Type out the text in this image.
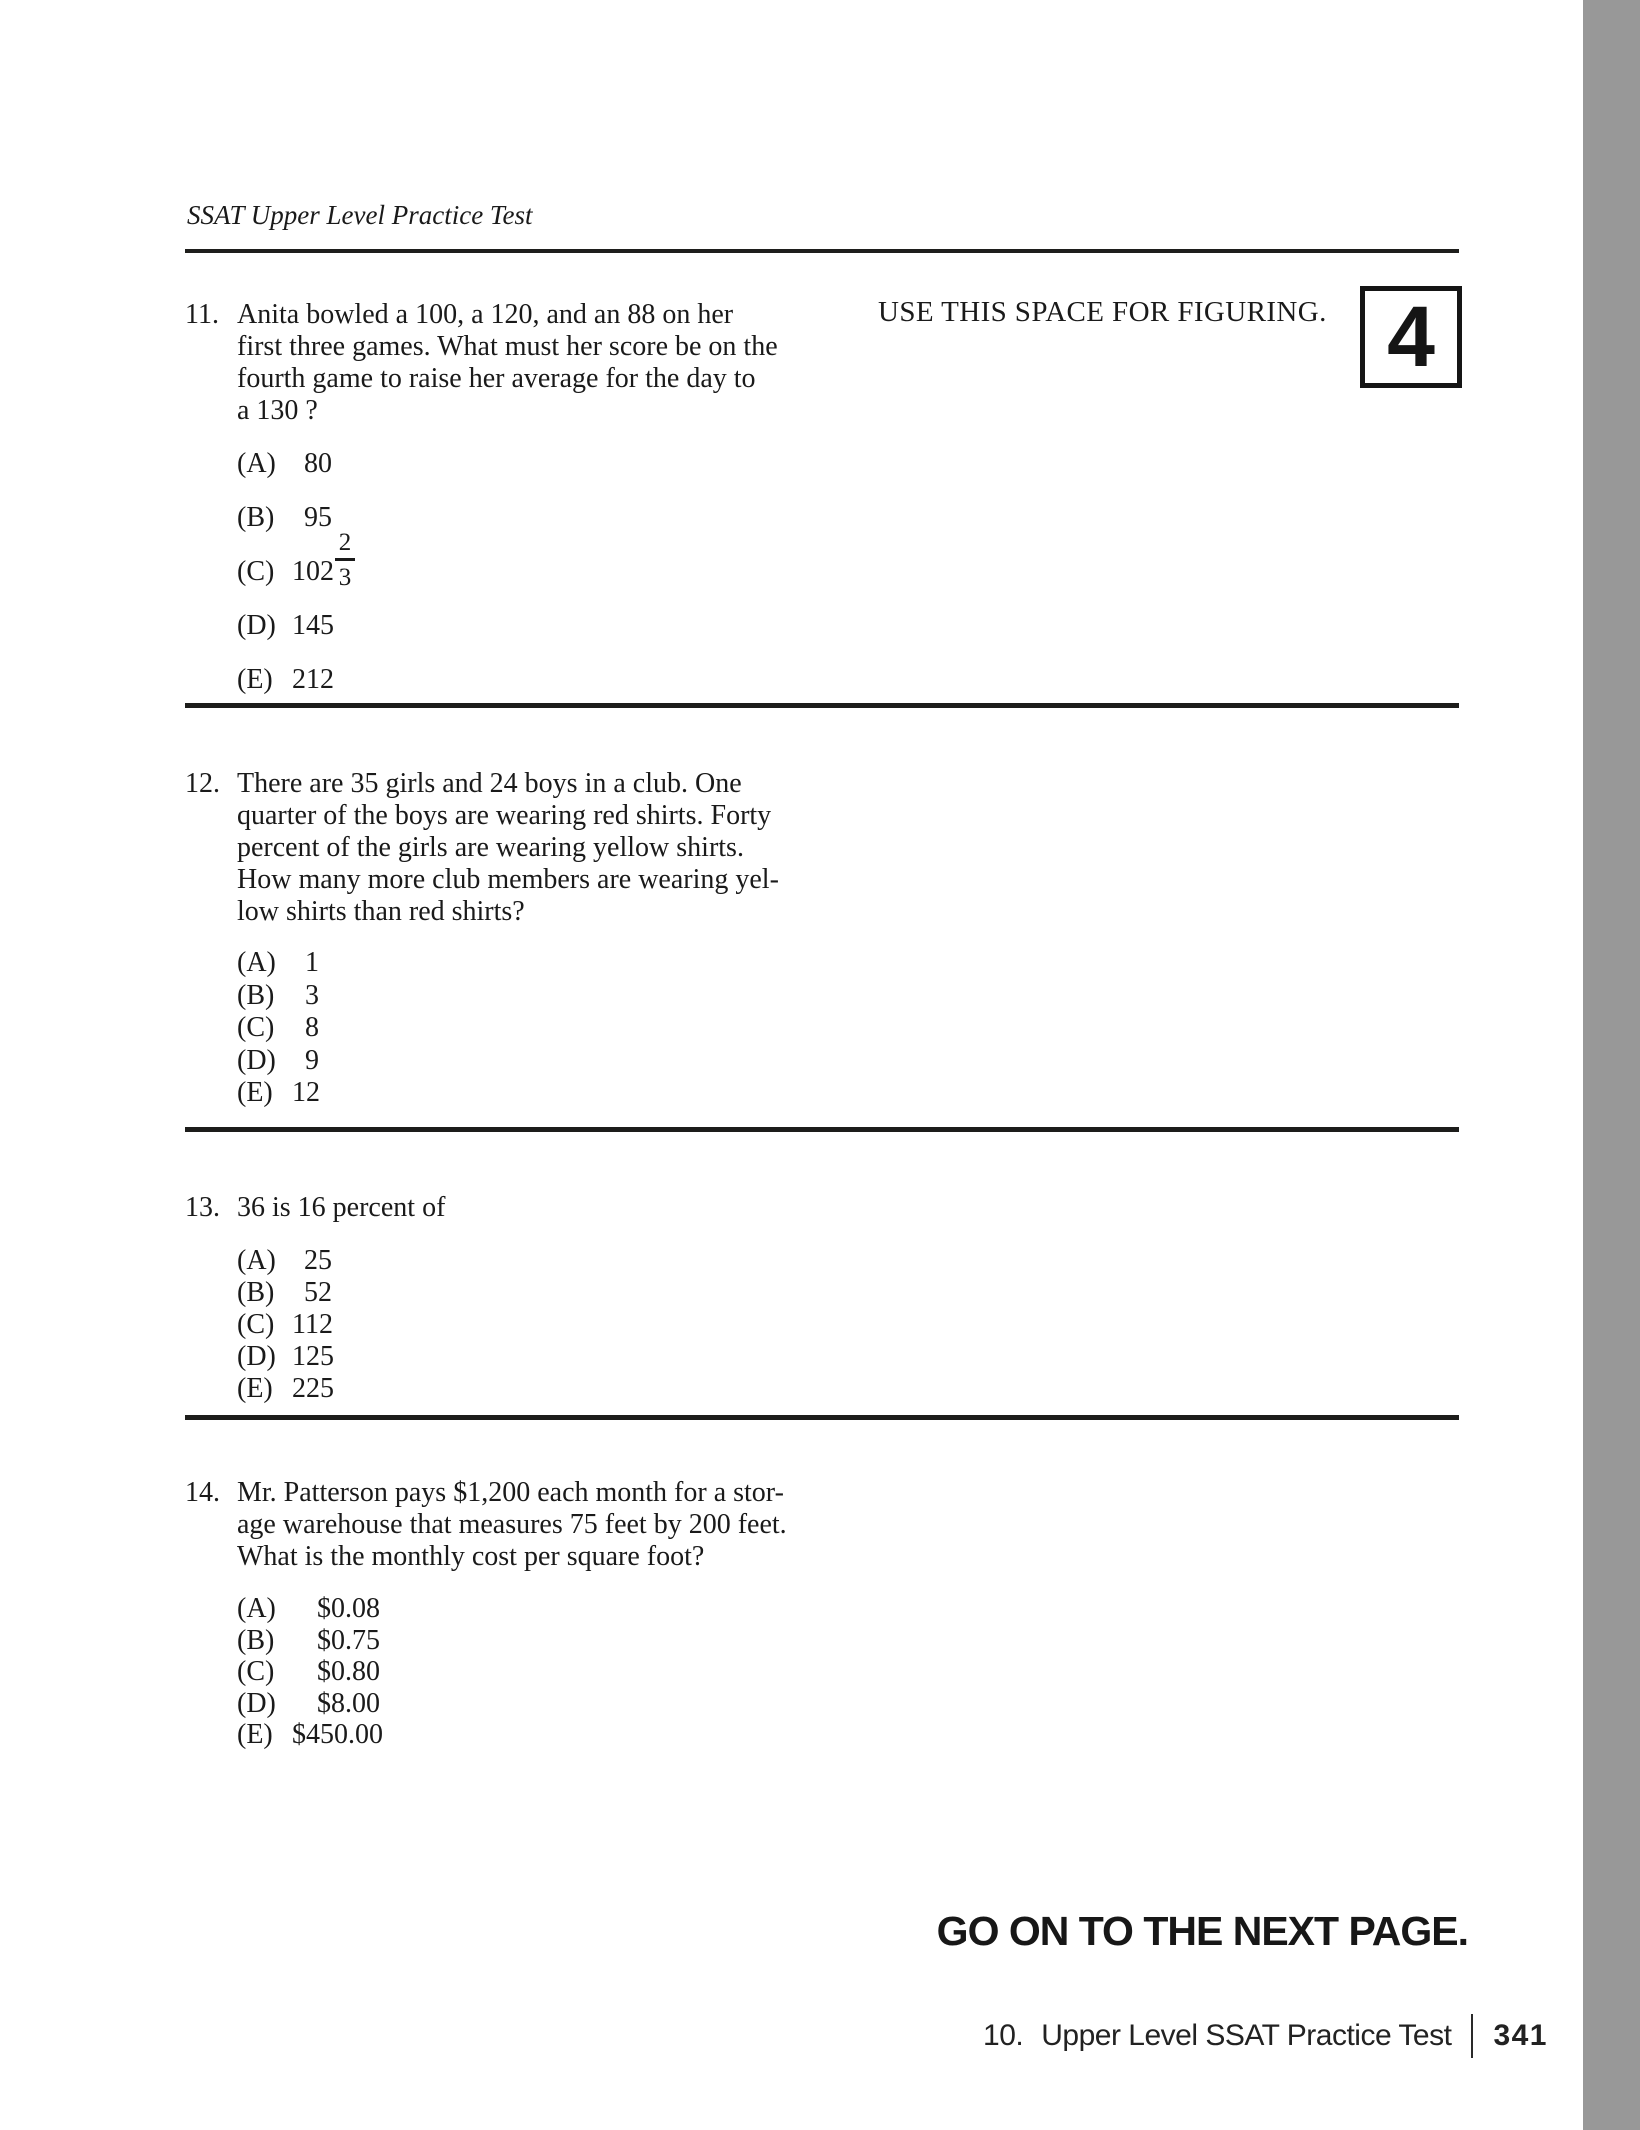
SSAT Upper Level Practice Test
USE THIS SPACE FOR FIGURING. 4
11. Anita bowled a 100, a 120, and an 88 on her
first three games. What must her score be on the
fourth game to raise her average for the day to
a 130 ?
(A)	80
(B)	95
(C) $102 \frac{2}{3}$
(D) 145
(E) 212
12. There are 35 girls and 24 boys in a club. One
quarter of the boys are wearing red shirts. Forty
percent of the girls are wearing yellow shirts.
How many more club members are wearing yel-
low shirts than red shirts?
(A)	1
(B)	3
(C)	8
(D)	9
(E) 12
13. 36 is 16 percent of
(A)	25
(B)	52
(C) 112
(D) 125
(E) 225
14. Mr. Patterson pays $1,200 each month for a stor-
age warehouse that measures 75 feet by 200 feet.
What is the monthly cost per square foot?
(A)	$0.08
(B)	$0.75
(C)	$0.80
(D)	$8.00
(E) $450.00
GO ON TO THE NEXT PAGE.
10. Upper Level SSAT Practice Test 341
